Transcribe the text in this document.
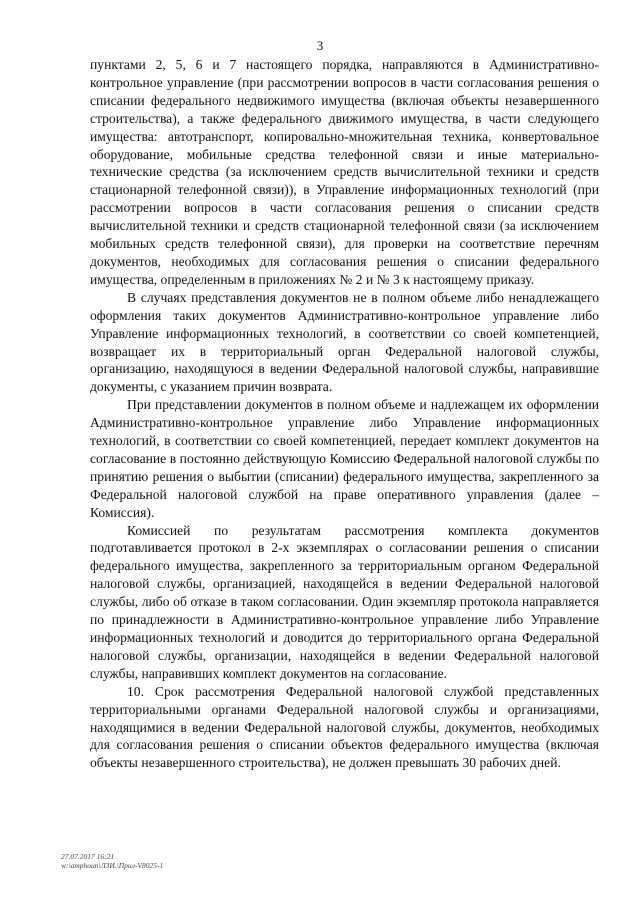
3

пунктами 2, 5, 6 и 7 настоящего порядка, направляются в Административно-контрольное управление (при рассмотрении вопросов в части согласования решения о списании федерального недвижимого имущества (включая объекты незавершенного строительства), а также федерального движимого имущества, в части следующего имущества: автотранспорт, копировально-множительная техника, конвертовальное оборудование, мобильные средства телефонной связи и иные материально-технические средства (за исключением средств вычислительной техники и средств стационарной телефонной связи)), в Управление информационных технологий (при рассмотрении вопросов в части согласования решения о списании средств вычислительной техники и средств стационарной телефонной связи (за исключением мобильных средств телефонной связи), для проверки на соответствие перечням документов, необходимых для согласования решения о списании федерального имущества, определенным в приложениях № 2 и № 3 к настоящему приказу.

В случаях представления документов не в полном объеме либо ненадлежащего оформления таких документов Административно-контрольное управление либо Управление информационных технологий, в соответствии со своей компетенцией, возвращает их в территориальный орган Федеральной налоговой службы, организацию, находящуюся в ведении Федеральной налоговой службы, направившие документы, с указанием причин возврата.

При представлении документов в полном объеме и надлежащем их оформлении Административно-контрольное управление либо Управление информационных технологий, в соответствии со своей компетенцией, передает комплект документов на согласование в постоянно действующую Комиссию Федеральной налоговой службы по принятию решения о выбытии (списании) федерального имущества, закрепленного за Федеральной налоговой службой на праве оперативного управления (далее – Комиссия).

Комиссией по результатам рассмотрения комплекта документов подготавливается протокол в 2-х экземплярах о согласовании решения о списании федерального имущества, закрепленного за территориальным органом Федеральной налоговой службы, организацией, находящейся в ведении Федеральной налоговой службы, либо об отказе в таком согласовании. Один экземпляр протокола направляется по принадлежности в Административно-контрольное управление либо Управление информационных технологий и доводится до территориального органа Федеральной налоговой службы, организации, находящейся в ведении Федеральной налоговой службы, направивших комплект документов на согласование.

10. Срок рассмотрения Федеральной налоговой службой представленных территориальными органами Федеральной налоговой службы и организациями, находящимися в ведении Федеральной налоговой службы, документов, необходимых для согласования решения о списании объектов федерального имущества (включая объекты незавершенного строительства), не должен превышать 30 рабочих дней.

27.07.2017 16:21
w:\amphoun\ЛЗИ.\Прил-V8025-1
